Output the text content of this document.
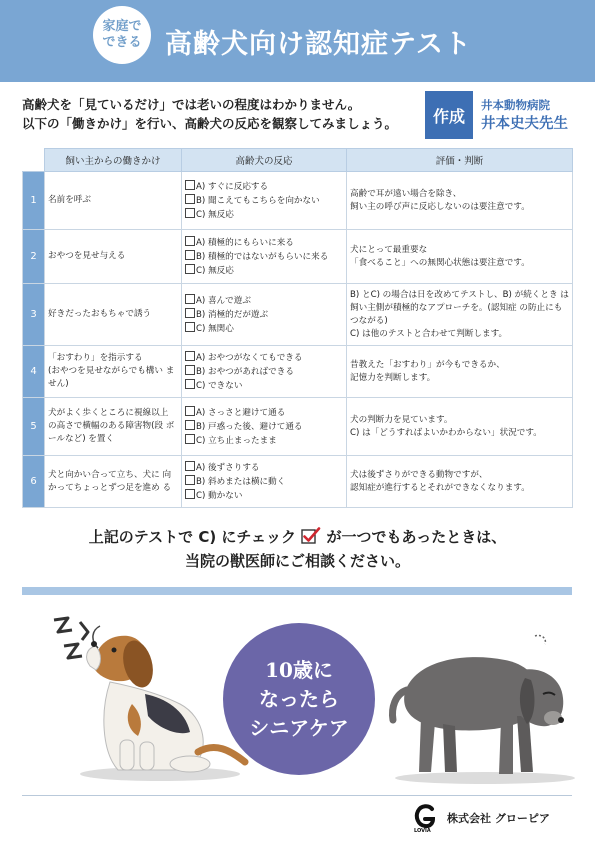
家庭で
できる 高齢犬向け認知症テスト
高齢犬を「見ているだけ」では老いの程度はわかりません。
以下の「働きかけ」を行い、高齢犬の反応を観察してみましょう。	作成
井本動物病院
井本史夫先生
	飼い主からの働きかけ	高齢犬の反応	評価・判断
1	名前を呼ぶ	A) すぐに反応する
B) 聞こえてもこちらを向かない
C) 無反応	高齢で耳が遠い場合を除き、
飼い主の呼び声に反応しないのは要注意です。
2	おやつを見せ与える	A) 積極的にもらいに来る
B) 積極的ではないがもらいに来る
C) 無反応	犬にとって最重要な
「食べること」への無関心状態は要注意です。
3	好きだったおもちゃで誘う	A) 喜んで遊ぶ
B) 消極的だが遊ぶ
C) 無関心	B) とC) の場合は日を改めてテストし、B) が続くとき は飼い主側が積極的なアプローチを。(認知症 の防止にもつながる)
C) は他のテストと合わせて判断します。
4	「おすわり」を指示する
(おやつを見せながらでも構い ません)	A) おやつがなくてもできる
B) おやつがあればできる
C) できない	昔教えた「おすわり」が今もできるか、
記憶力を判断します。
5	犬がよく歩くところに視線以上 の高さで横幅のある障害物(段 ボールなど) を置く	A) さっさと避けて通る
B) 戸惑った後、避けて通る
C) 立ち止まったまま	犬の判断力を見ています。
C) は「どうすればよいかわからない」状況です。
6	犬と向かい合って立ち、犬に 向かってちょっとずつ足を進め る	A) 後ずさりする
B) 斜めまたは横に動く
C) 動かない	犬は後ずさりができる動物ですが、
認知症が進行するとそれができなくなります。
上記のテストで C) にチェック が一つでもあったときは、
当院の獣医師にご相談ください。
10歳に
なったら
シニアケア
LOVIA
株式会社 グローピア
